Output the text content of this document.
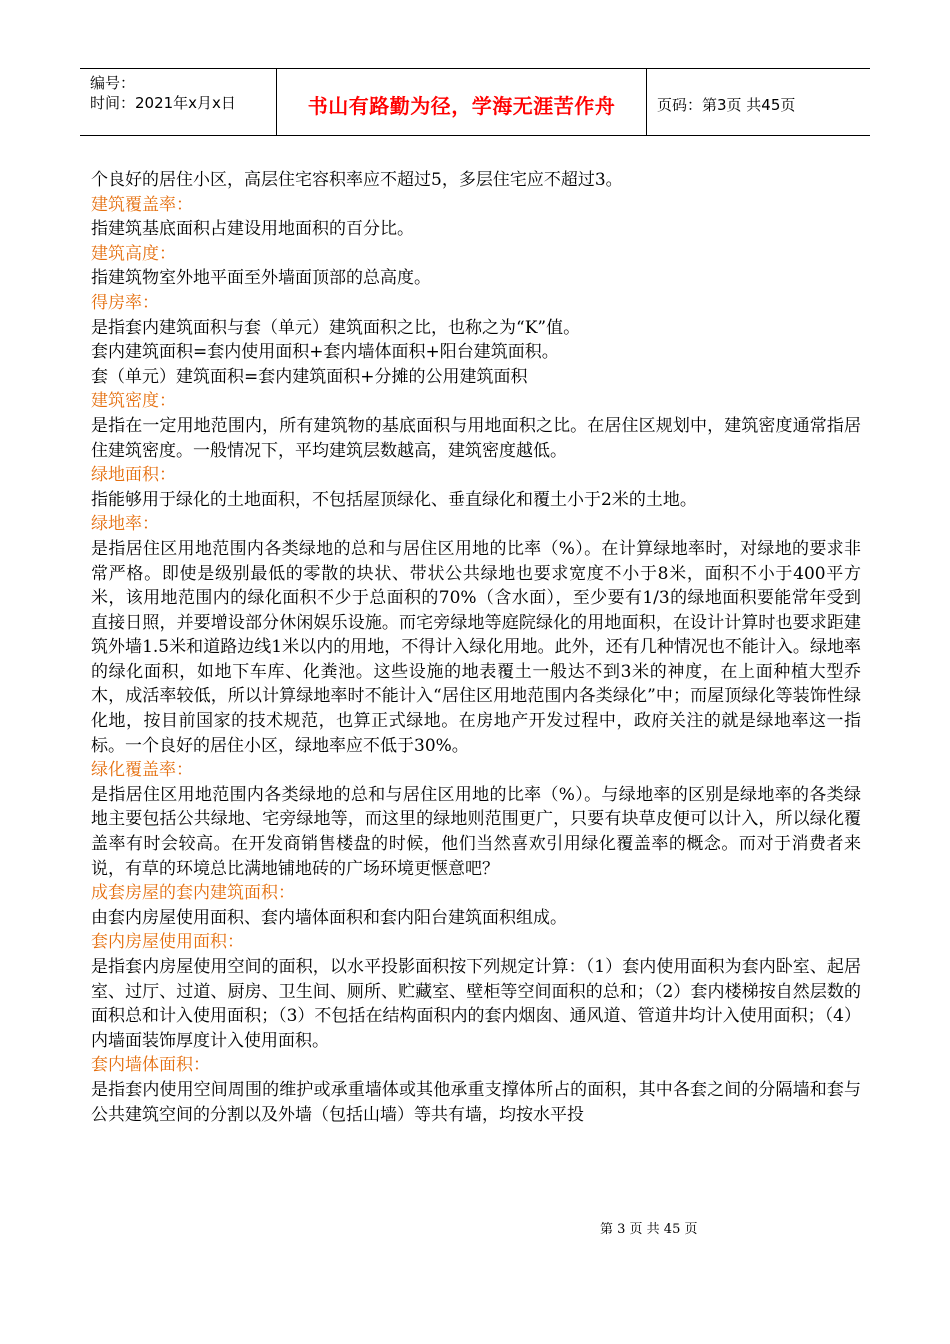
编号：
时间：2021年x月x日	书山有路勤为径，学海无涯苦作舟	页码：第3页 共45页

个良好的居住小区，高层住宅容积率应不超过5，多层住宅应不超过3。

建筑覆盖率：

指建筑基底面积占建设用地面积的百分比。

建筑高度：

指建筑物室外地平面至外墙面顶部的总高度。

得房率：

是指套内建筑面积与套（单元）建筑面积之比，也称之为“K”值。

套内建筑面积=套内使用面积+套内墙体面积+阳台建筑面积。

套（单元）建筑面积=套内建筑面积+分摊的公用建筑面积

建筑密度：

是指在一定用地范围内，所有建筑物的基底面积与用地面积之比。在居住区规划中，建筑密度通常指居住建筑密度。一般情况下，平均建筑层数越高，建筑密度越低。

绿地面积：

指能够用于绿化的土地面积，不包括屋顶绿化、垂直绿化和覆土小于2米的土地。

绿地率：

是指居住区用地范围内各类绿地的总和与居住区用地的比率（%）。在计算绿地率时，对绿地的要求非常严格。即使是级别最低的零散的块状、带状公共绿地也要求宽度不小于8米，面积不小于400平方米，该用地范围内的绿化面积不少于总面积的70%（含水面），至少要有1/3的绿地面积要能常年受到直接日照，并要增设部分休闲娱乐设施。而宅旁绿地等庭院绿化的用地面积，在设计计算时也要求距建筑外墙1.5米和道路边线1米以内的用地，不得计入绿化用地。此外，还有几种情况也不能计入。绿地率的绿化面积，如地下车库、化粪池。这些设施的地表覆土一般达不到3米的神度，在上面种植大型乔木，成活率较低，所以计算绿地率时不能计入“居住区用地范围内各类绿化”中；而屋顶绿化等装饰性绿化地，按目前国家的技术规范，也算正式绿地。在房地产开发过程中，政府关注的就是绿地率这一指标。一个良好的居住小区，绿地率应不低于30%。

绿化覆盖率：

是指居住区用地范围内各类绿地的总和与居住区用地的比率（%）。与绿地率的区别是绿地率的各类绿地主要包括公共绿地、宅旁绿地等，而这里的绿地则范围更广，只要有块草皮便可以计入，所以绿化覆盖率有时会较高。在开发商销售楼盘的时候，他们当然喜欢引用绿化覆盖率的概念。而对于消费者来说，有草的环境总比满地铺地砖的广场环境更惬意吧？

成套房屋的套内建筑面积：

由套内房屋使用面积、套内墙体面积和套内阳台建筑面积组成。

套内房屋使用面积：

是指套内房屋使用空间的面积，以水平投影面积按下列规定计算：（1）套内使用面积为套内卧室、起居室、过厅、过道、厨房、卫生间、厕所、贮藏室、壁柜等空间面积的总和；（2）套内楼梯按自然层数的面积总和计入使用面积；（3）不包括在结构面积内的套内烟囱、通风道、管道井均计入使用面积；（4）内墙面装饰厚度计入使用面积。

套内墙体面积：

是指套内使用空间周围的维护或承重墙体或其他承重支撑体所占的面积，其中各套之间的分隔墙和套与公共建筑空间的分割以及外墙（包括山墙）等共有墙，均按水平投

第 3 页 共 45 页
